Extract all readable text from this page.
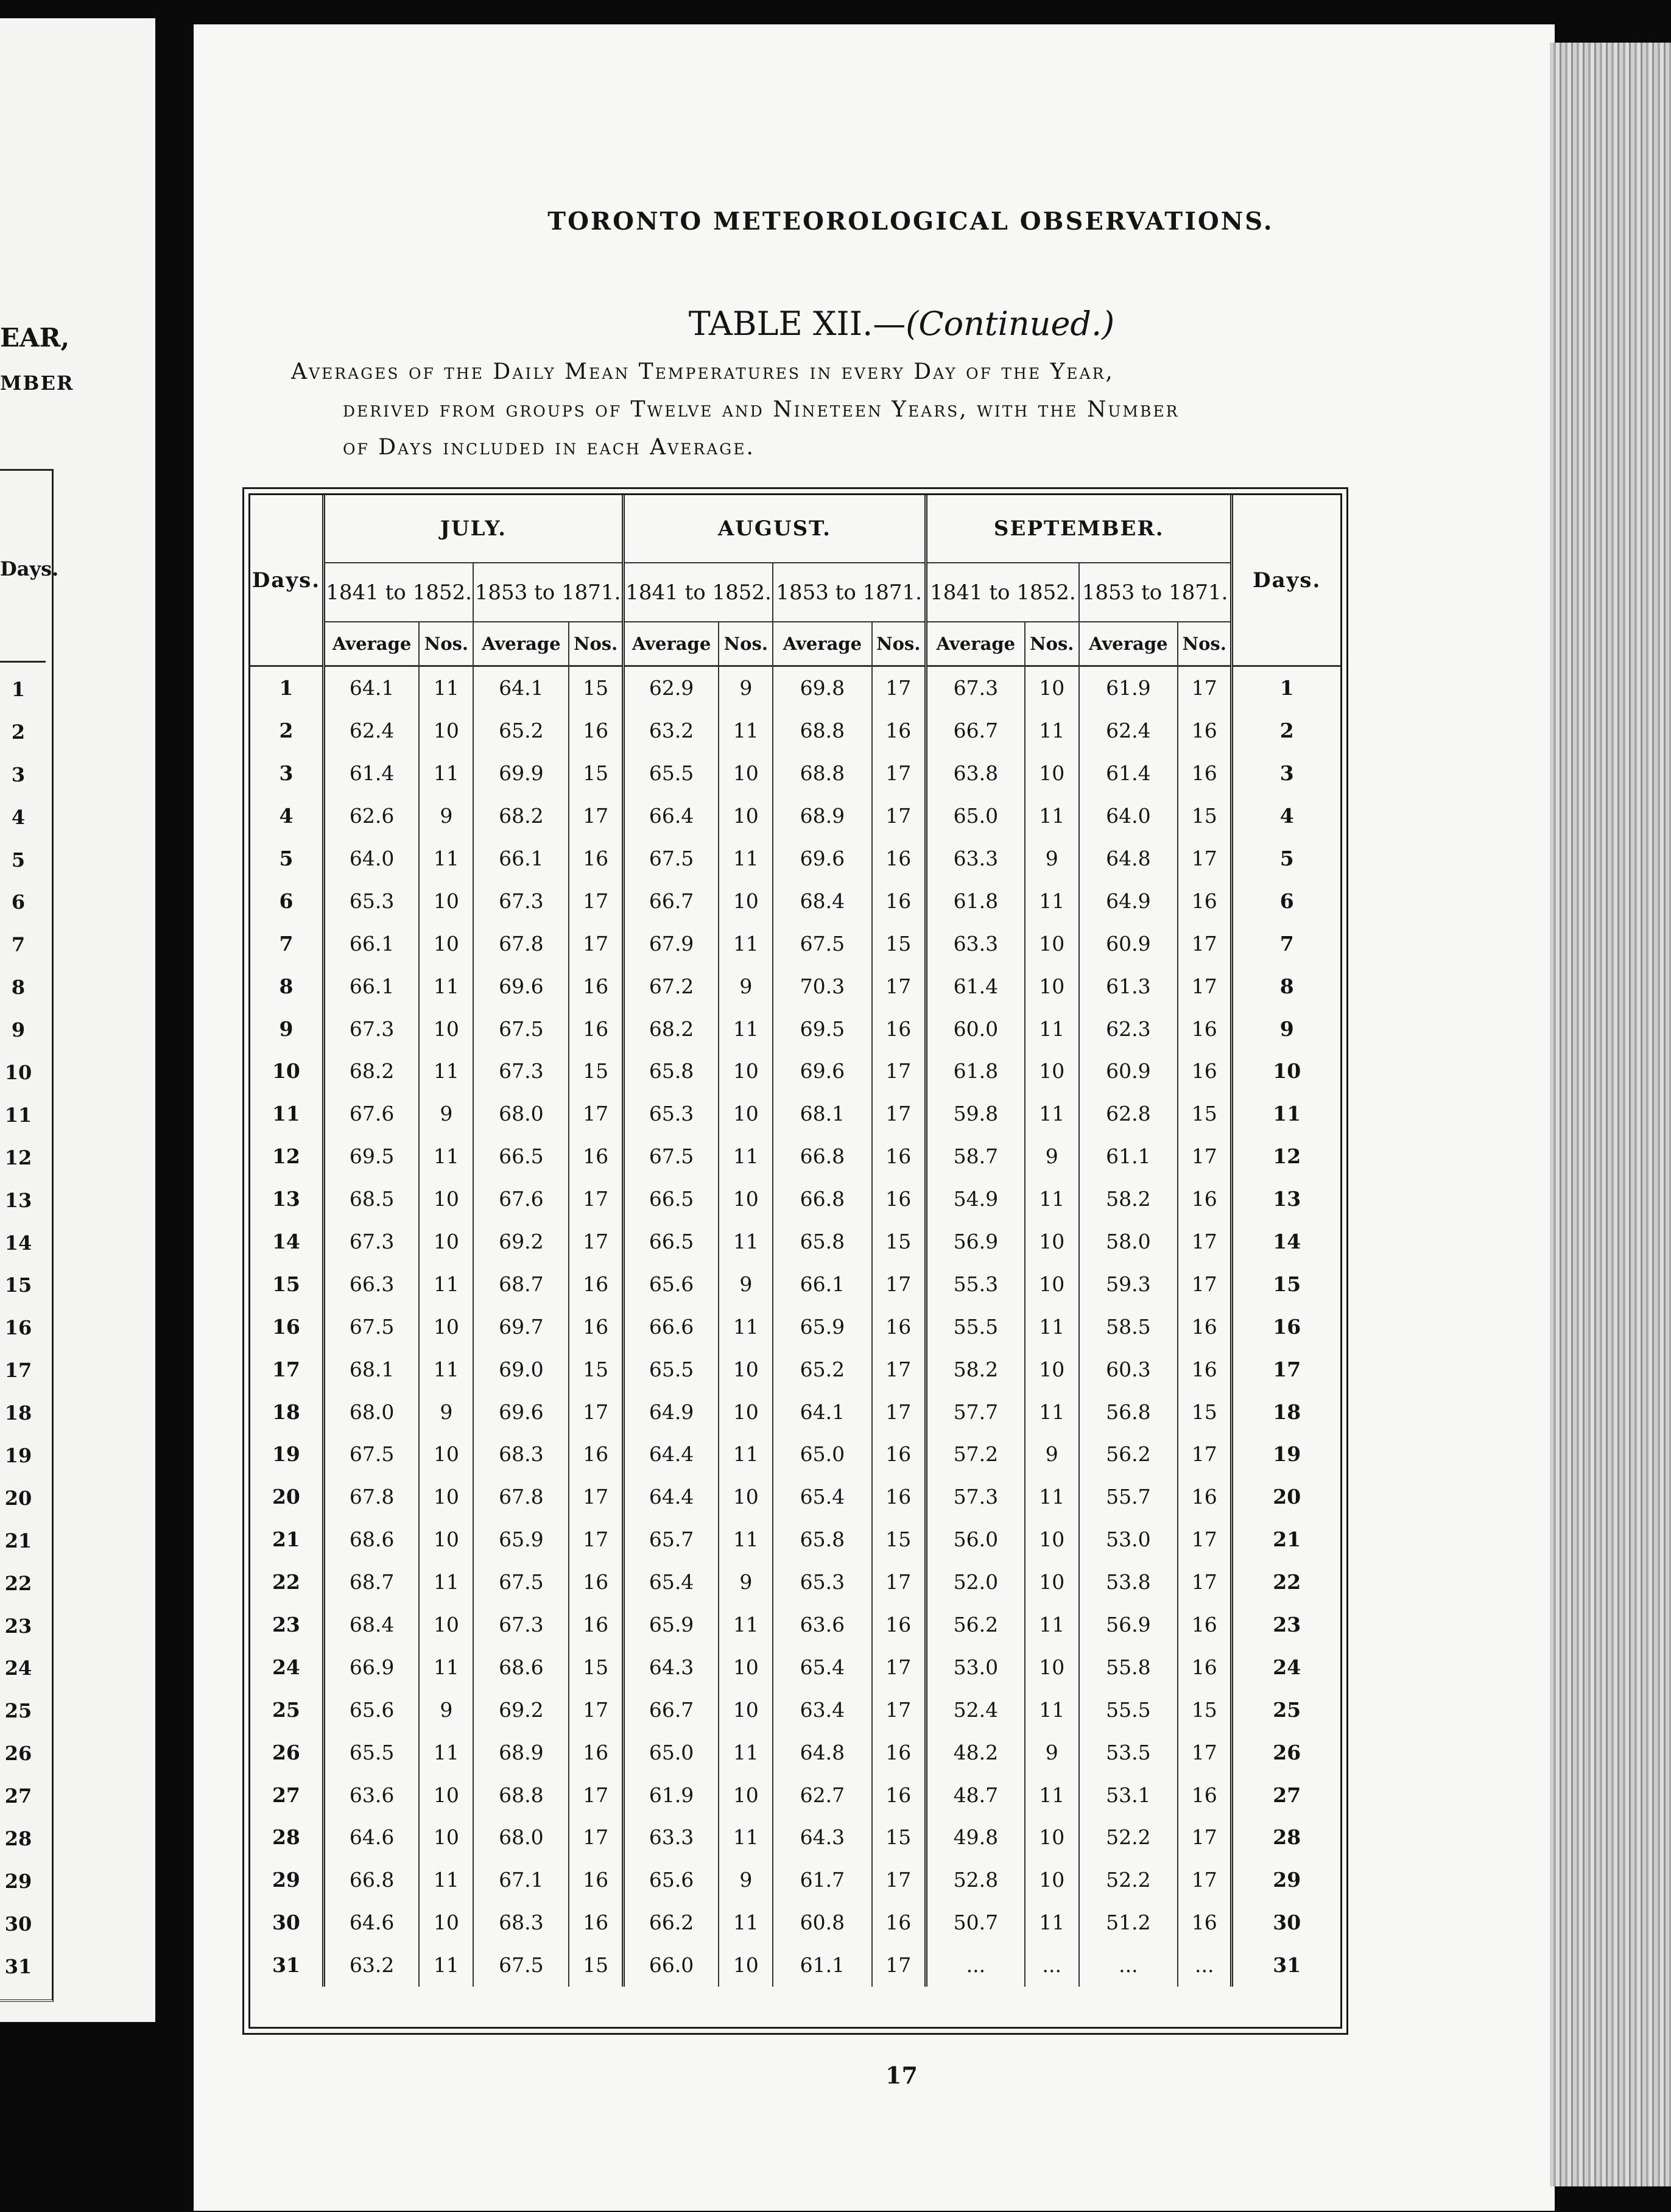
EAR,
MBER
Days.
1
2
3
4
5
6
7
8
9
10
11
12
13
14
15
16
17
18
19
20
21
22
23
24
25
26
27
28
29
30
31
TORONTO METEOROLOGICAL OBSERVATIONS.
TABLE XII.—(Continued.)
Averages of the Daily Mean Temperatures in every Day of the Year,
derived from groups of Twelve and Nineteen Years, with the Number
of Days included in each Average.
Days.	JULY.				AUGUST.				SEPTEMBER.				Days.
	1841 to 1852.		1853 to 1871.		1841 to 1852.		1853 to 1871.		1841 to 1852.		1853 to 1871.		
	Average	Nos.	Average	Nos.	Average	Nos.	Average	Nos.	Average	Nos.	Average	Nos.	
1	64.1	11	64.1	15	62.9	9	69.8	17	67.3	10	61.9	17	1
2	62.4	10	65.2	16	63.2	11	68.8	16	66.7	11	62.4	16	2
3	61.4	11	69.9	15	65.5	10	68.8	17	63.8	10	61.4	16	3
4	62.6	9	68.2	17	66.4	10	68.9	17	65.0	11	64.0	15	4
5	64.0	11	66.1	16	67.5	11	69.6	16	63.3	9	64.8	17	5
6	65.3	10	67.3	17	66.7	10	68.4	16	61.8	11	64.9	16	6
7	66.1	10	67.8	17	67.9	11	67.5	15	63.3	10	60.9	17	7
8	66.1	11	69.6	16	67.2	9	70.3	17	61.4	10	61.3	17	8
9	67.3	10	67.5	16	68.2	11	69.5	16	60.0	11	62.3	16	9
10	68.2	11	67.3	15	65.8	10	69.6	17	61.8	10	60.9	16	10
11	67.6	9	68.0	17	65.3	10	68.1	17	59.8	11	62.8	15	11
12	69.5	11	66.5	16	67.5	11	66.8	16	58.7	9	61.1	17	12
13	68.5	10	67.6	17	66.5	10	66.8	16	54.9	11	58.2	16	13
14	67.3	10	69.2	17	66.5	11	65.8	15	56.9	10	58.0	17	14
15	66.3	11	68.7	16	65.6	9	66.1	17	55.3	10	59.3	17	15
16	67.5	10	69.7	16	66.6	11	65.9	16	55.5	11	58.5	16	16
17	68.1	11	69.0	15	65.5	10	65.2	17	58.2	10	60.3	16	17
18	68.0	9	69.6	17	64.9	10	64.1	17	57.7	11	56.8	15	18
19	67.5	10	68.3	16	64.4	11	65.0	16	57.2	9	56.2	17	19
20	67.8	10	67.8	17	64.4	10	65.4	16	57.3	11	55.7	16	20
21	68.6	10	65.9	17	65.7	11	65.8	15	56.0	10	53.0	17	21
22	68.7	11	67.5	16	65.4	9	65.3	17	52.0	10	53.8	17	22
23	68.4	10	67.3	16	65.9	11	63.6	16	56.2	11	56.9	16	23
24	66.9	11	68.6	15	64.3	10	65.4	17	53.0	10	55.8	16	24
25	65.6	9	69.2	17	66.7	10	63.4	17	52.4	11	55.5	15	25
26	65.5	11	68.9	16	65.0	11	64.8	16	48.2	9	53.5	17	26
27	63.6	10	68.8	17	61.9	10	62.7	16	48.7	11	53.1	16	27
28	64.6	10	68.0	17	63.3	11	64.3	15	49.8	10	52.2	17	28
29	66.8	11	67.1	16	65.6	9	61.7	17	52.8	10	52.2	17	29
30	64.6	10	68.3	16	66.2	11	60.8	16	50.7	11	51.2	16	30
31	63.2	11	67.5	15	66.0	10	61.1	17	...	...	...	...	31
17
